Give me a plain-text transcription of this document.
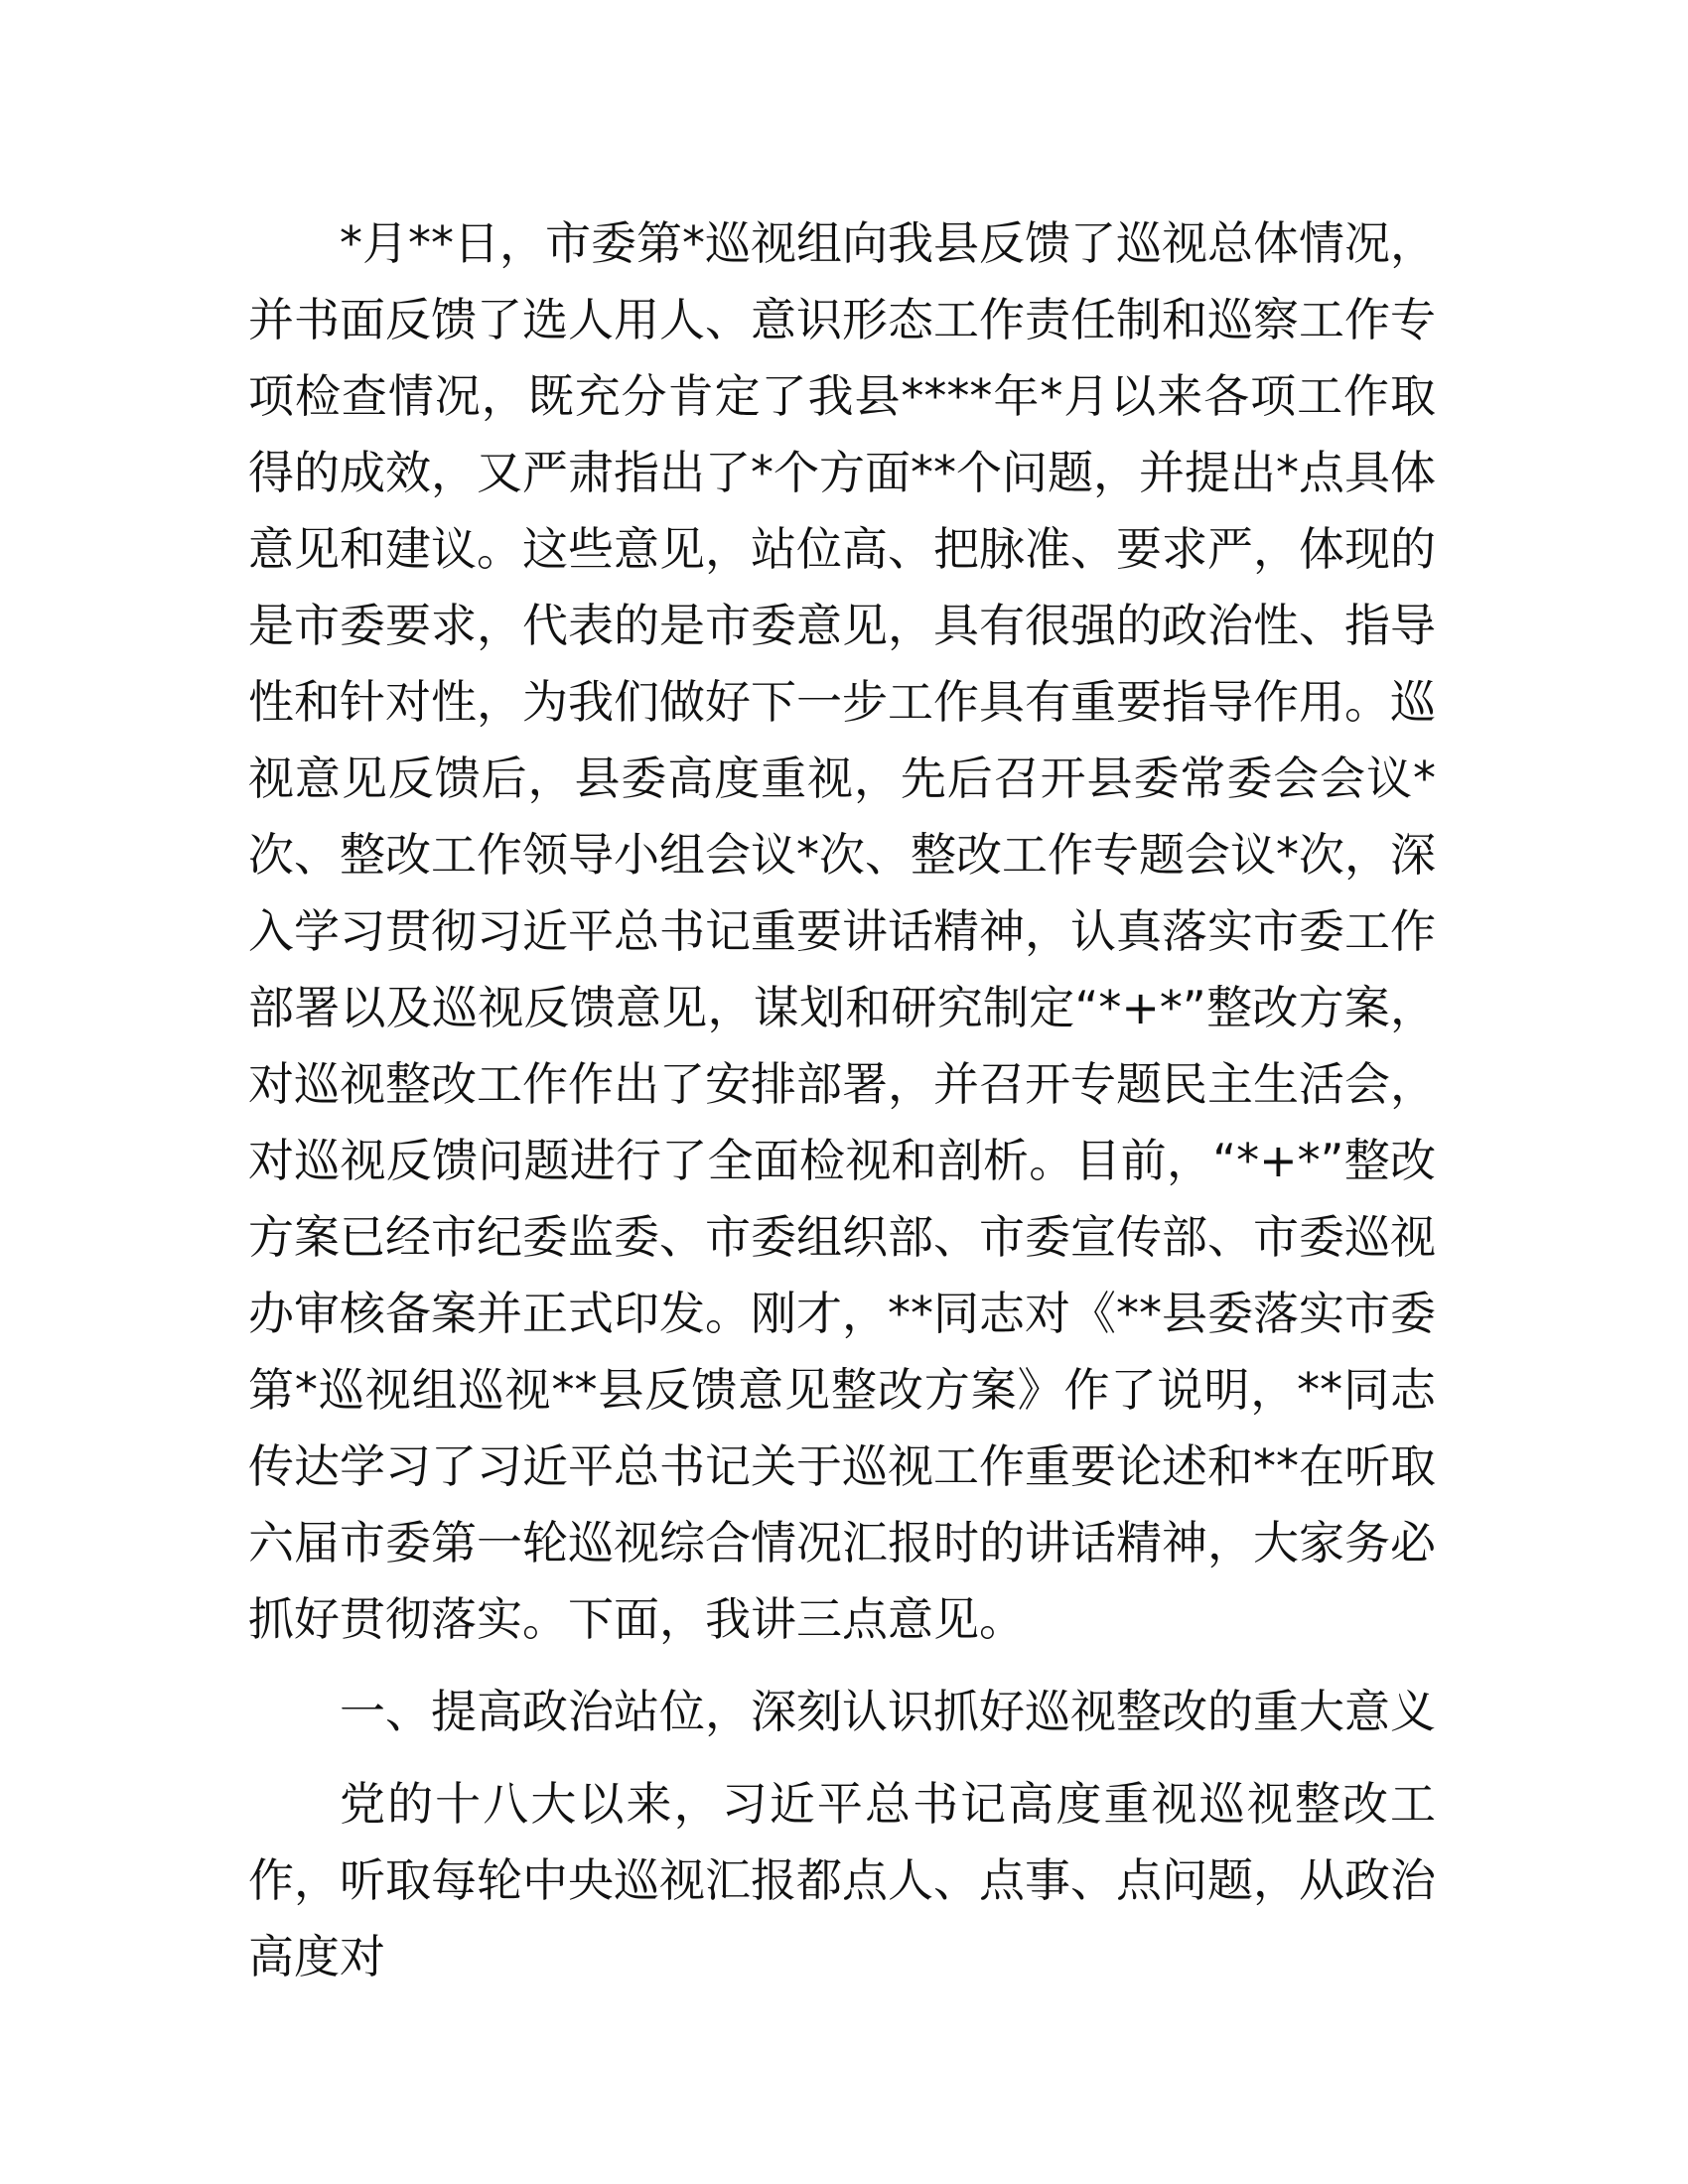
*月**日，市委第*巡视组向我县反馈了巡视总体情况，并书面反馈了选人用人、意识形态工作责任制和巡察工作专项检查情况，既充分肯定了我县****年*月以来各项工作取得的成效，又严肃指出了*个方面**个问题，并提出*点具体意见和建议。这些意见，站位高、把脉准、要求严，体现的是市委要求，代表的是市委意见，具有很强的政治性、指导性和针对性，为我们做好下一步工作具有重要指导作用。巡视意见反馈后，县委高度重视，先后召开县委常委会会议*次、整改工作领导小组会议*次、整改工作专题会议*次，深入学习贯彻习近平总书记重要讲话精神，认真落实市委工作部署以及巡视反馈意见，谋划和研究制定“*+*”整改方案，对巡视整改工作作出了安排部署，并召开专题民主生活会，对巡视反馈问题进行了全面检视和剖析。目前，“*+*”整改方案已经市纪委监委、市委组织部、市委宣传部、市委巡视办审核备案并正式印发。刚才，**同志对《**县委落实市委第*巡视组巡视**县反馈意见整改方案》作了说明，**同志传达学习了习近平总书记关于巡视工作重要论述和**在听取六届市委第一轮巡视综合情况汇报时的讲话精神，大家务必抓好贯彻落实。下面，我讲三点意见。

一、提高政治站位，深刻认识抓好巡视整改的重大意义

党的十八大以来，习近平总书记高度重视巡视整改工作，听取每轮中央巡视汇报都点人、点事、点问题，从政治高度对
